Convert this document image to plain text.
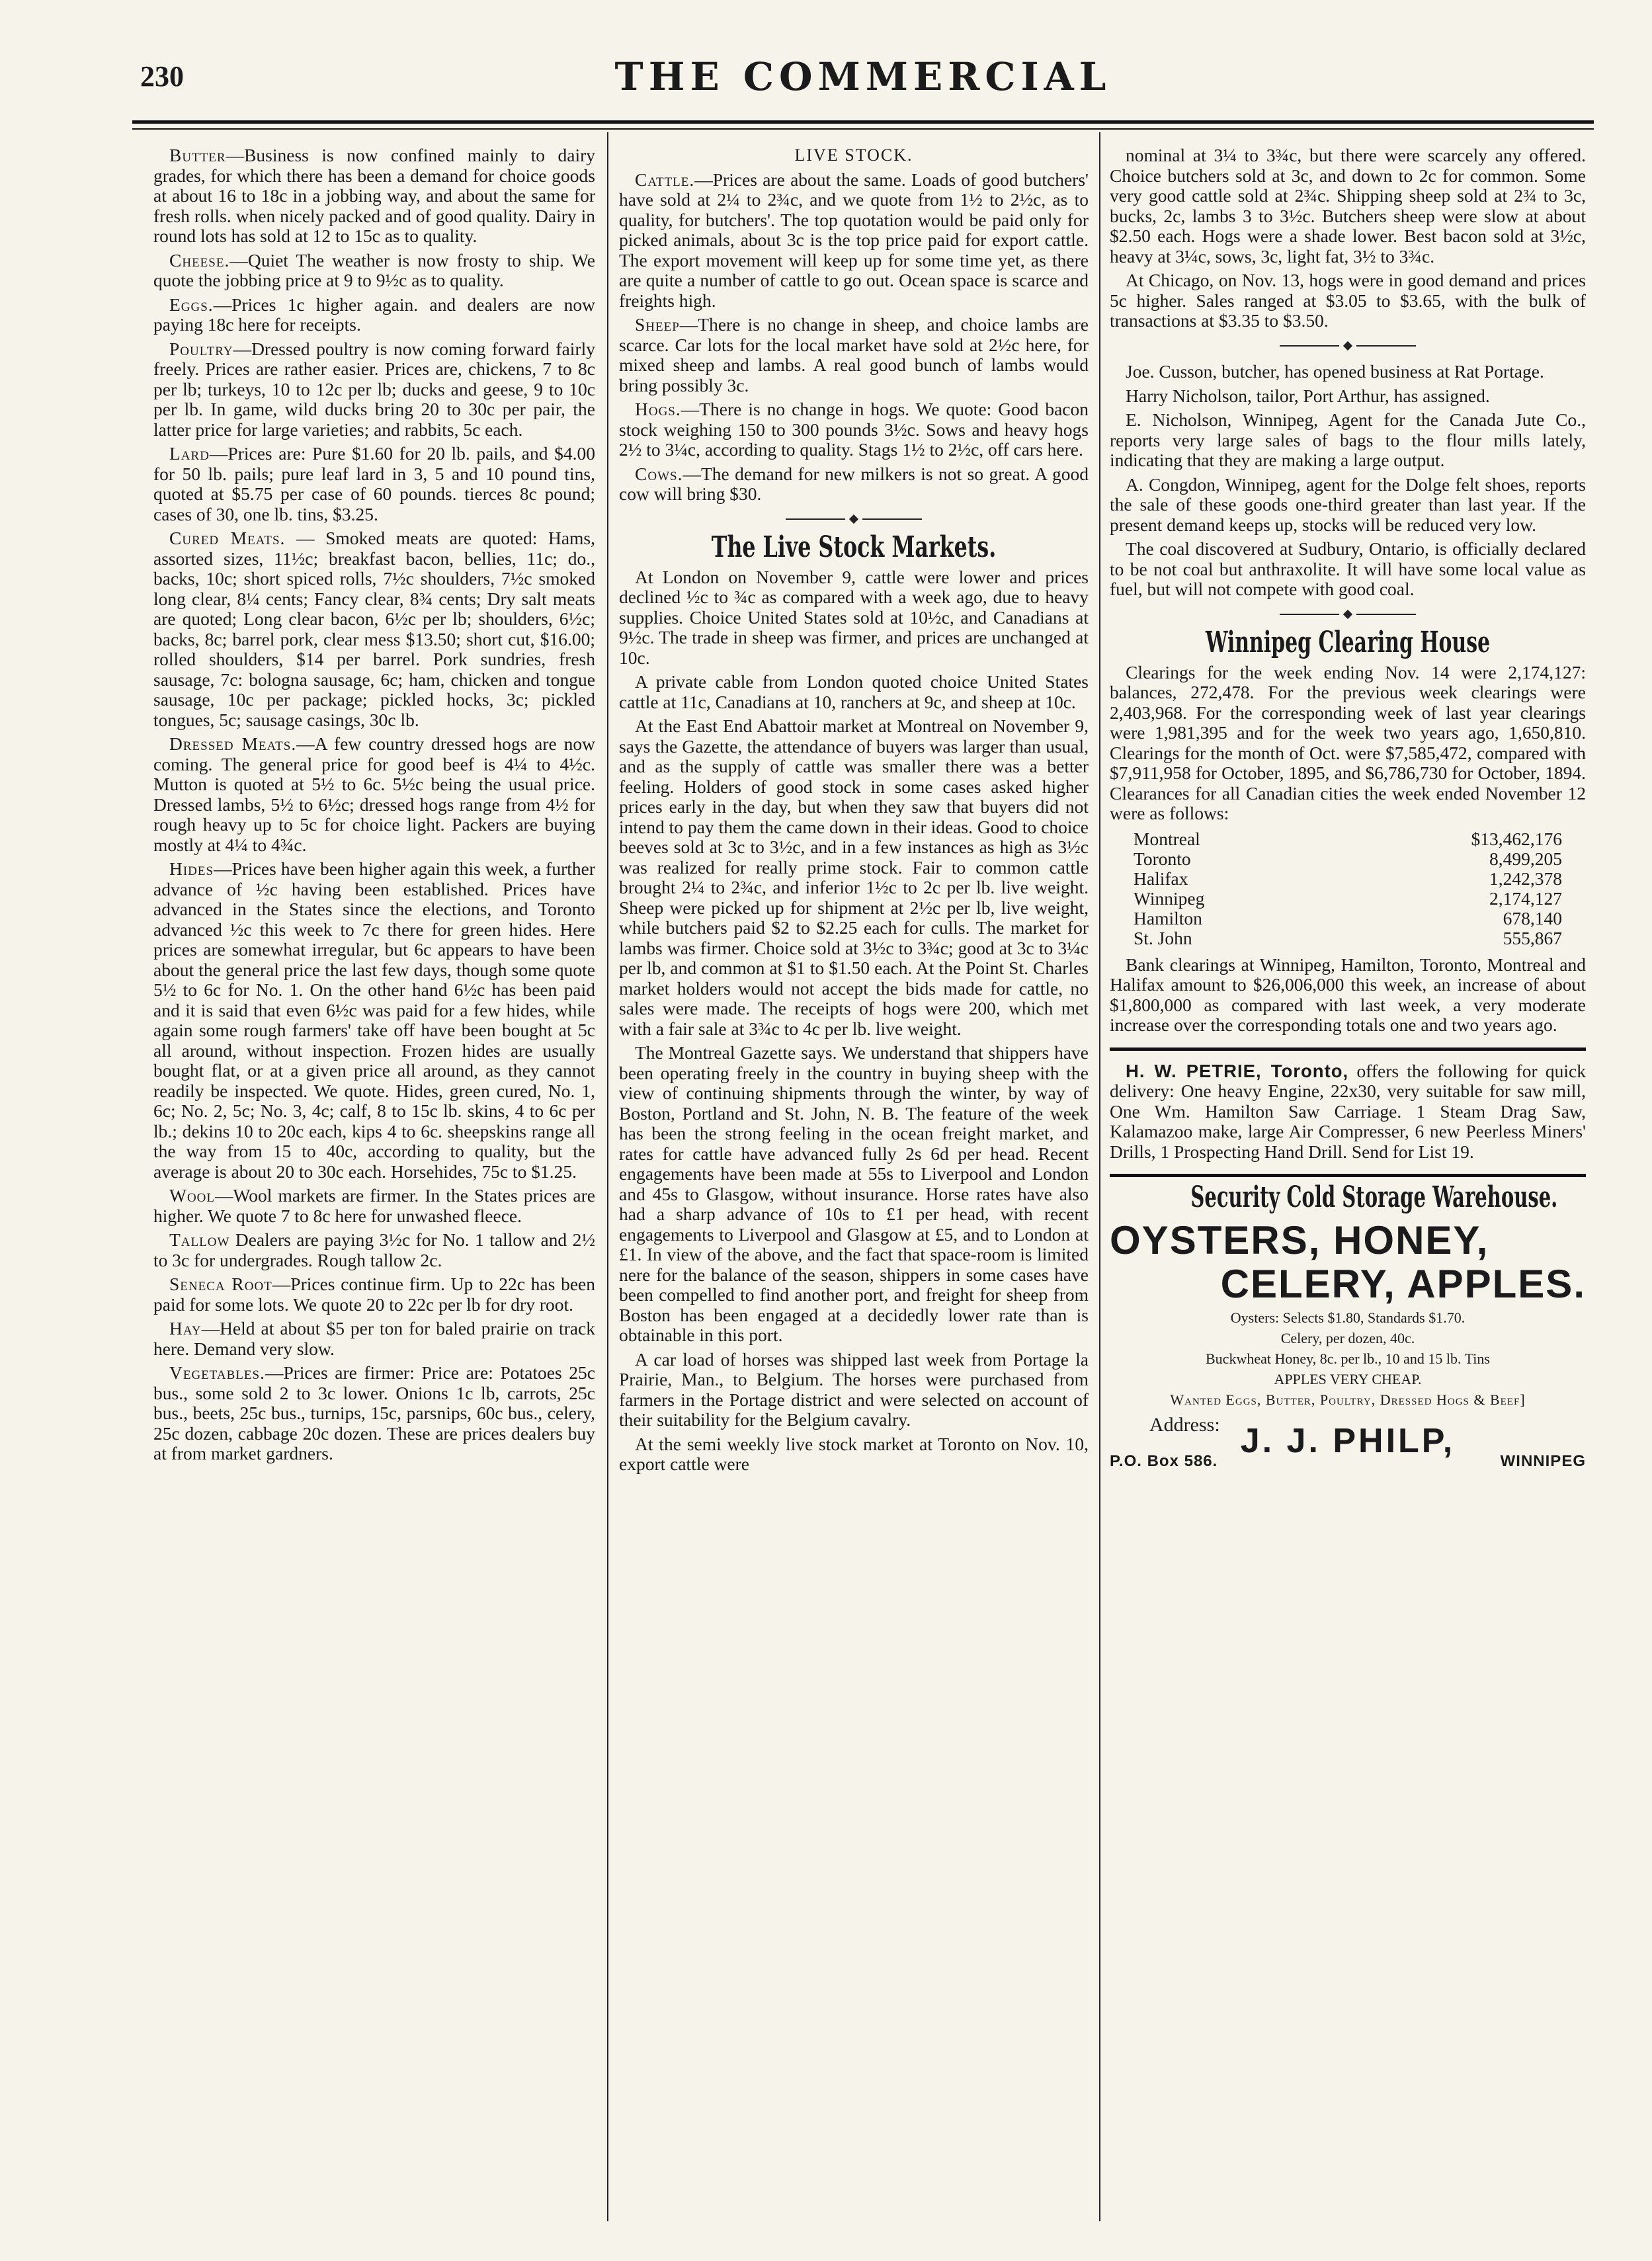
230	THE COMMERCIAL

Butter—Business is now confined mainly to dairy grades, for which there has been a demand for choice goods at about 16 to 18c in a jobbing way, and about the same for fresh rolls. when nicely packed and of good quality. Dairy in round lots has sold at 12 to 15c as to quality.

Cheese.—Quiet The weather is now frosty to ship. We quote the jobbing price at 9 to 9½c as to quality.

Eggs.—Prices 1c higher again. and dealers are now paying 18c here for receipts.

Poultry—Dressed poultry is now coming forward fairly freely. Prices are rather easier. Prices are, chickens, 7 to 8c per lb; turkeys, 10 to 12c per lb; ducks and geese, 9 to 10c per lb. In game, wild ducks bring 20 to 30c per pair, the latter price for large varieties; and rabbits, 5c each.

Lard—Prices are: Pure $1.60 for 20 lb. pails, and $4.00 for 50 lb. pails; pure leaf lard in 3, 5 and 10 pound tins, quoted at $5.75 per case of 60 pounds. tierces 8c pound; cases of 30, one lb. tins, $3.25.

Cured Meats. — Smoked meats are quoted: Hams, assorted sizes, 11½c; breakfast bacon, bellies, 11c; do., backs, 10c; short spiced rolls, 7½c shoulders, 7½c smoked long clear, 8¼ cents; Fancy clear, 8¾ cents; Dry salt meats are quoted; Long clear bacon, 6½c per lb; shoulders, 6½c; backs, 8c; barrel pork, clear mess $13.50; short cut, $16.00; rolled shoulders, $14 per barrel. Pork sundries, fresh sausage, 7c: bologna sausage, 6c; ham, chicken and tongue sausage, 10c per package; pickled hocks, 3c; pickled tongues, 5c; sausage casings, 30c lb.

Dressed Meats.—A few country dressed hogs are now coming. The general price for good beef is 4¼ to 4½c. Mutton is quoted at 5½ to 6c. 5½c being the usual price. Dressed lambs, 5½ to 6½c; dressed hogs range from 4½ for rough heavy up to 5c for choice light. Packers are buying mostly at 4¼ to 4¾c.

Hides—Prices have been higher again this week, a further advance of ½c having been established. Prices have advanced in the States since the elections, and Toronto advanced ½c this week to 7c there for green hides. Here prices are somewhat irregular, but 6c appears to have been about the general price the last few days, though some quote 5½ to 6c for No. 1. On the other hand 6½c has been paid and it is said that even 6½c was paid for a few hides, while again some rough farmers' take off have been bought at 5c all around, without inspection. Frozen hides are usually bought flat, or at a given price all around, as they cannot readily be inspected. We quote. Hides, green cured, No. 1, 6c; No. 2, 5c; No. 3, 4c; calf, 8 to 15c lb. skins, 4 to 6c per lb.; dekins 10 to 20c each, kips 4 to 6c. sheepskins range all the way from 15 to 40c, according to quality, but the average is about 20 to 30c each. Horsehides, 75c to $1.25.

Wool—Wool markets are firmer. In the States prices are higher. We quote 7 to 8c here for unwashed fleece.

Tallow Dealers are paying 3½c for No. 1 tallow and 2½ to 3c for undergrades. Rough tallow 2c.

Seneca Root—Prices continue firm. Up to 22c has been paid for some lots. We quote 20 to 22c per lb for dry root.

Hay—Held at about $5 per ton for baled prairie on track here. Demand very slow.

Vegetables.—Prices are firmer: Price are: Potatoes 25c bus., some sold 2 to 3c lower. Onions 1c lb, carrots, 25c bus., beets, 25c bus., turnips, 15c, parsnips, 60c bus., celery, 25c dozen, cabbage 20c dozen. These are prices dealers buy at from market gardners.

LIVE STOCK.

Cattle.—Prices are about the same. Loads of good butchers' have sold at 2¼ to 2¾c, and we quote from 1½ to 2½c, as to quality, for butchers'. The top quotation would be paid only for picked animals, about 3c is the top price paid for export cattle. The export movement will keep up for some time yet, as there are quite a number of cattle to go out. Ocean space is scarce and freights high.

Sheep—There is no change in sheep, and choice lambs are scarce. Car lots for the local market have sold at 2½c here, for mixed sheep and lambs. A real good bunch of lambs would bring possibly 3c.

Hogs.—There is no change in hogs. We quote: Good bacon stock weighing 150 to 300 pounds 3½c. Sows and heavy hogs 2½ to 3¼c, according to quality. Stags 1½ to 2½c, off cars here.

Cows.—The demand for new milkers is not so great. A good cow will bring $30.

The Live Stock Markets.

At London on November 9, cattle were lower and prices declined ½c to ¾c as compared with a week ago, due to heavy supplies. Choice United States sold at 10½c, and Canadians at 9½c. The trade in sheep was firmer, and prices are unchanged at 10c.

A private cable from London quoted choice United States cattle at 11c, Canadians at 10, ranchers at 9c, and sheep at 10c.

At the East End Abattoir market at Montreal on November 9, says the Gazette, the attendance of buyers was larger than usual, and as the supply of cattle was smaller there was a better feeling. Holders of good stock in some cases asked higher prices early in the day, but when they saw that buyers did not intend to pay them the came down in their ideas. Good to choice beeves sold at 3c to 3½c, and in a few instances as high as 3½c was realized for really prime stock. Fair to common cattle brought 2¼ to 2¾c, and inferior 1½c to 2c per lb. live weight. Sheep were picked up for shipment at 2½c per lb, live weight, while butchers paid $2 to $2.25 each for culls. The market for lambs was firmer. Choice sold at 3½c to 3¾c; good at 3c to 3¼c per lb, and common at $1 to $1.50 each. At the Point St. Charles market holders would not accept the bids made for cattle, no sales were made. The receipts of hogs were 200, which met with a fair sale at 3¾c to 4c per lb. live weight.

The Montreal Gazette says. We understand that shippers have been operating freely in the country in buying sheep with the view of continuing shipments through the winter, by way of Boston, Portland and St. John, N. B. The feature of the week has been the strong feeling in the ocean freight market, and rates for cattle have advanced fully 2s 6d per head. Recent engagements have been made at 55s to Liverpool and London and 45s to Glasgow, without insurance. Horse rates have also had a sharp advance of 10s to £1 per head, with recent engagements to Liverpool and Glasgow at £5, and to London at £1. In view of the above, and the fact that space-room is limited nere for the balance of the season, shippers in some cases have been compelled to find another port, and freight for sheep from Boston has been engaged at a decidedly lower rate than is obtainable in this port.

A car load of horses was shipped last week from Portage la Prairie, Man., to Belgium. The horses were purchased from farmers in the Portage district and were selected on account of their suitability for the Belgium cavalry.

At the semi weekly live stock market at Toronto on Nov. 10, export cattle were

nominal at 3¼ to 3¾c, but there were scarcely any offered. Choice butchers sold at 3c, and down to 2c for common. Some very good cattle sold at 2¾c. Shipping sheep sold at 2¾ to 3c, bucks, 2c, lambs 3 to 3½c. Butchers sheep were slow at about $2.50 each. Hogs were a shade lower. Best bacon sold at 3½c, heavy at 3¼c, sows, 3c, light fat, 3½ to 3¾c.

At Chicago, on Nov. 13, hogs were in good demand and prices 5c higher. Sales ranged at $3.05 to $3.65, with the bulk of transactions at $3.35 to $3.50.

Joe. Cusson, butcher, has opened business at Rat Portage.

Harry Nicholson, tailor, Port Arthur, has assigned.

E. Nicholson, Winnipeg, Agent for the Canada Jute Co., reports very large sales of bags to the flour mills lately, indicating that they are making a large output.

A. Congdon, Winnipeg, agent for the Dolge felt shoes, reports the sale of these goods one-third greater than last year. If the present demand keeps up, stocks will be reduced very low.

The coal discovered at Sudbury, Ontario, is officially declared to be not coal but anthraxolite. It will have some local value as fuel, but will not compete with good coal.

Winnipeg Clearing House

Clearings for the week ending Nov. 14 were 2,174,127: balances, 272,478. For the previous week clearings were 2,403,968. For the corresponding week of last year clearings were 1,981,395 and for the week two years ago, 1,650,810. Clearings for the month of Oct. were $7,585,472, compared with $7,911,958 for October, 1895, and $6,786,730 for October, 1894. Clearances for all Canadian cities the week ended November 12 were as follows:

Montreal	$13,462,176
Toronto	8,499,205
Halifax	1,242,378
Winnipeg	2,174,127
Hamilton	678,140
St. John	555,867

Bank clearings at Winnipeg, Hamilton, Toronto, Montreal and Halifax amount to $26,006,000 this week, an increase of about $1,800,000 as compared with last week, a very moderate increase over the corresponding totals one and two years ago.

H. W. PETRIE, Toronto, offers the following for quick delivery: One heavy Engine, 22x30, very suitable for saw mill, One Wm. Hamilton Saw Carriage. 1 Steam Drag Saw, Kalamazoo make, large Air Compresser, 6 new Peerless Miners' Drills, 1 Prospecting Hand Drill. Send for List 19.

Security Cold Storage Warehouse.
OYSTERS, HONEY,
CELERY, APPLES.
Oysters: Selects $1.80, Standards $1.70.
Celery, per dozen, 40c.
Buckwheat Honey, 8c. per lb., 10 and 15 lb. Tins
APPLES VERY CHEAP.
Wanted Eggs, Butter, Poultry, Dressed Hogs & Beef]
Address: J. J. PHILP,
P.O. Box 586.	WINNIPEG
